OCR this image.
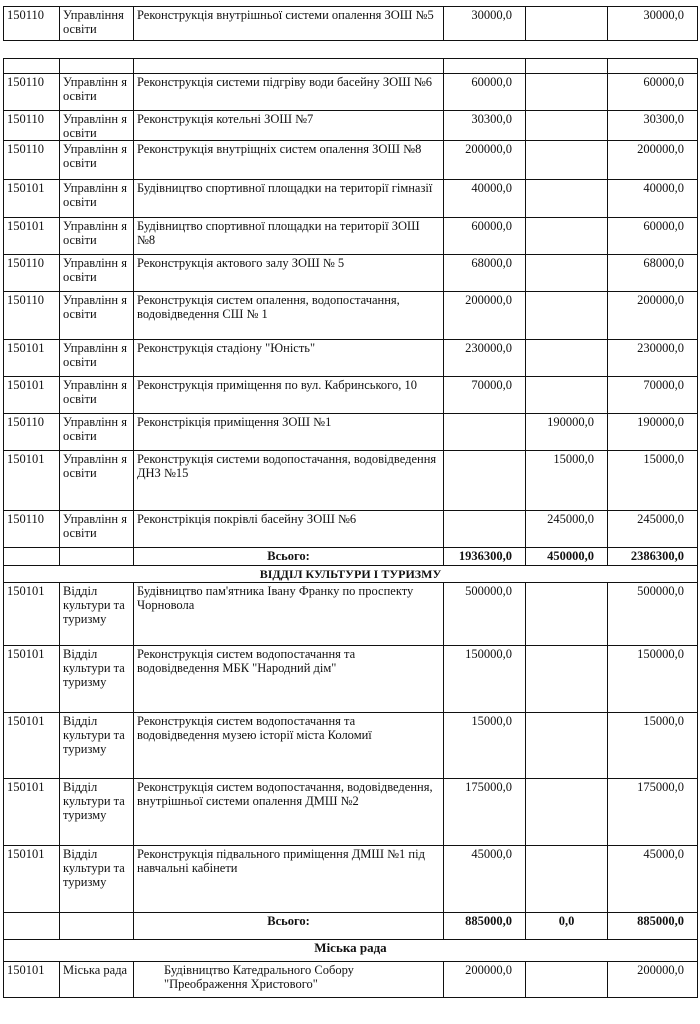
150110	Управління освіти	Реконструкція внутрішньої системи опалення ЗОШ №5	30000,0		30000,0

150110	Управлінн я освіти	Реконструкція системи підгріву води басейну ЗОШ №6	60000,0		60000,0
150110	Управлінн я освіти	Реконструкція котельні ЗОШ №7	30300,0		30300,0
150110	Управлінн я освіти	Реконструкція внутріщніх систем опалення ЗОШ №8	200000,0		200000,0
150101	Управлінн я освіти	Будівництво спортивної площадки на території гімназії	40000,0		40000,0
150101	Управлінн я освіти	Будівництво спортивної площадки на території ЗОШ №8	60000,0		60000,0
150110	Управлінн я освіти	Реконструкція актового залу ЗОШ № 5	68000,0		68000,0
150110	Управлінн я освіти	Реконструкція систем опалення, водопостачання, водовідведення СШ № 1	200000,0		200000,0
150101	Управлінн я освіти	Реконструкція стадіону "Юність"	230000,0		230000,0
150101	Управлінн я освіти	Реконструкція приміщення по вул. Кабринського, 10	70000,0		70000,0
150110	Управлінн я освіти	Реконстрікція приміщення ЗОШ №1		190000,0	190000,0
150101	Управлінн я освіти	Реконструкція системи водопостачання, водовідведення ДНЗ №15		15000,0	15000,0
150110	Управлінн я освіти	Реконстрікція покрівлі басейну ЗОШ №6		245000,0	245000,0
		Всього:	1936300,0	450000,0	2386300,0
ВІДДІЛ КУЛЬТУРИ І ТУРИЗМУ					
150101	Відділ культури та туризму	Будівництво пам'ятника Івану Франку по проспекту Чорновола	500000,0		500000,0
150101	Відділ культури та туризму	Реконструкція систем водопостачання та водовідведення МБК "Народний дім"	150000,0		150000,0
150101	Відділ культури та туризму	Реконструкція систем водопостачання та водовідведення музею історії міста Коломиї	15000,0		15000,0
150101	Відділ культури та туризму	Реконструкція систем водопостачання, водовідведення, внутрішньої системи опалення ДМШ №2	175000,0		175000,0
150101	Відділ культури та туризму	Реконструкція підвального приміщення ДМШ №1 під навчальні кабінети	45000,0		45000,0
		Всього:	885000,0	0,0	885000,0
Міська рада					
150101	Міська рада	Будівництво Катедрального Собору "Преображення Христового"	200000,0		200000,0
